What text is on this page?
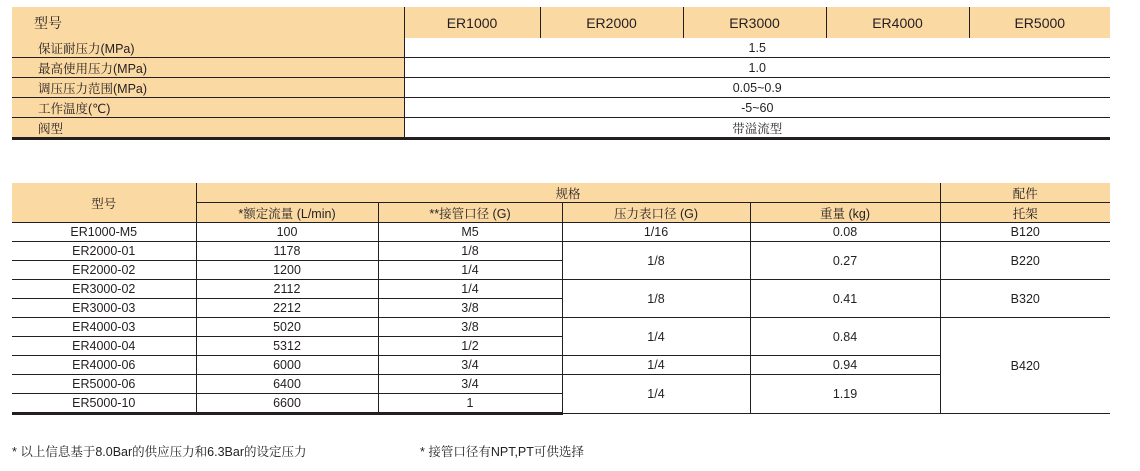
型号	ER1000	ER2000	ER3000	ER4000	ER5000
保证耐压力(MPa)	1.5				
最高使用压力(MPa)	1.0				
调压压力范围(MPa)	0.05~0.9				
工作温度(℃)	-5~60				
阀型	带溢流型				
型号	规格				配件
	*额定流量 (L/min)	**接管口径 (G)	压力表口径 (G)	重量 (kg)	托架
ER1000-M5	100	M5	1/16	0.08	B120
ER2000-01	1178	1/8	1/8	0.27	B220
ER2000-02	1200	1/4			
ER3000-02	2112	1/4	1/8	0.41	B320
ER3000-03	2212	3/8			
ER4000-03	5020	3/8	1/4	0.84	B420
ER4000-04	5312	1/2			
ER4000-06	6000	3/4	1/4	0.94	
ER5000-06	6400	3/4	1/4	1.19	
ER5000-10	6600	1			
* 以上信息基于8.0Bar的供应压力和6.3Bar的设定压力	* 接管口径有NPT,PT可供选择
